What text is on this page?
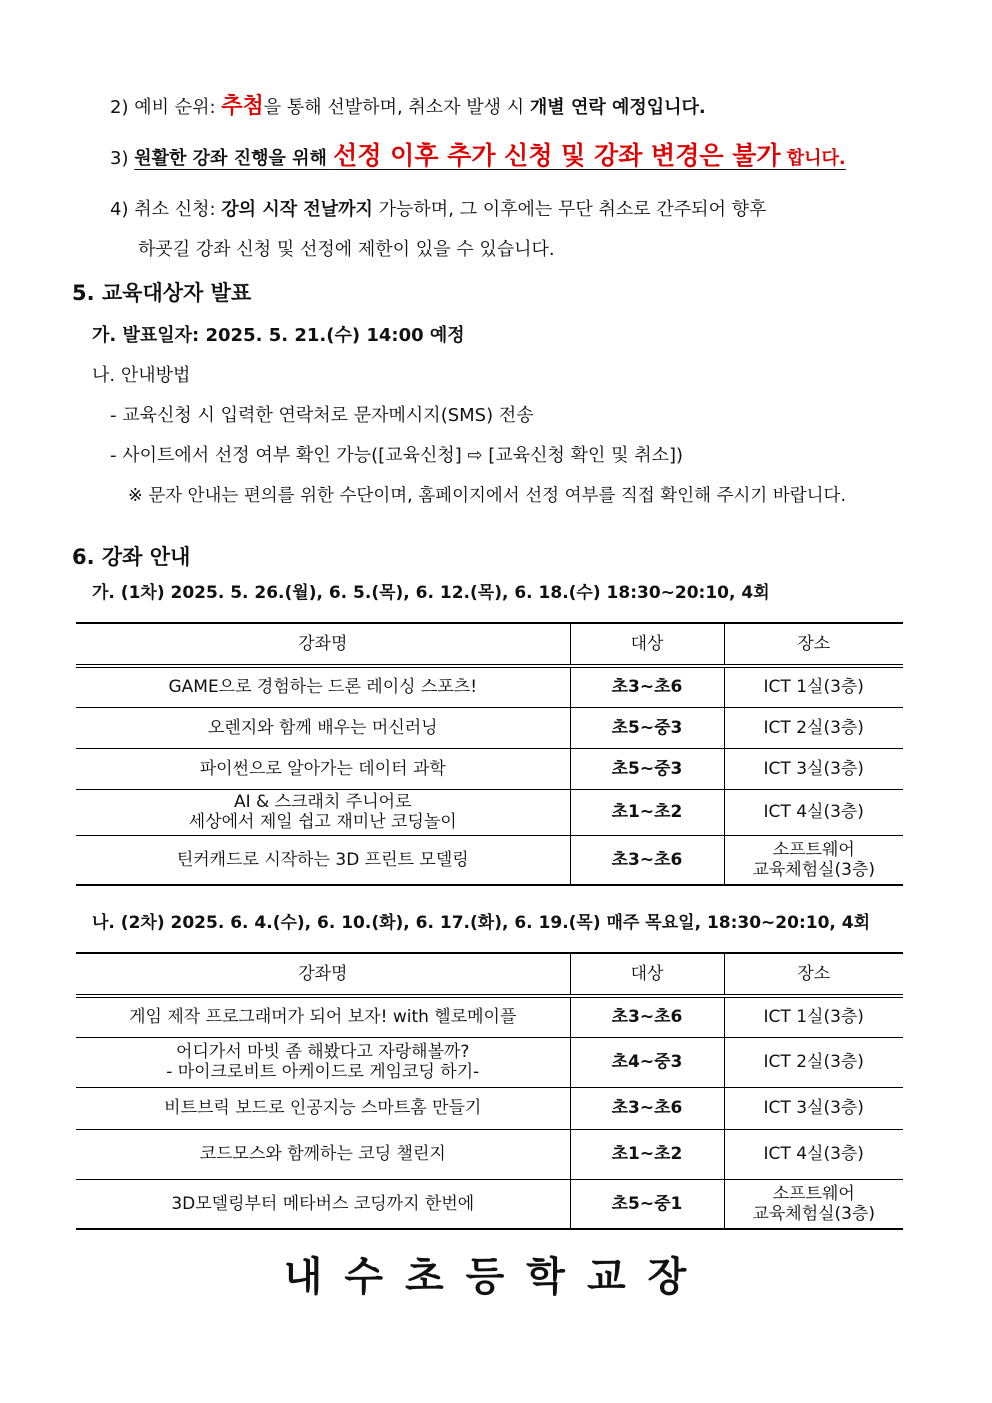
2) 예비 순위: 추첨을 통해 선발하며, 취소자 발생 시 개별 연락 예정입니다.
3) 원활한 강좌 진행을 위해 선정 이후 추가 신청 및 강좌 변경은 불가 합니다.
4) 취소 신청: 강의 시작 전날까지 가능하며, 그 이후에는 무단 취소로 간주되어 향후
하굣길 강좌 신청 및 선정에 제한이 있을 수 있습니다.
5. 교육대상자 발표
가. 발표일자: 2025. 5. 21.(수) 14:00 예정
나. 안내방법
- 교육신청 시 입력한 연락처로 문자메시지(SMS) 전송
- 사이트에서 선정 여부 확인 가능([교육신청] ⇨ [교육신청 확인 및 취소])
※ 문자 안내는 편의를 위한 수단이며, 홈페이지에서 선정 여부를 직접 확인해 주시기 바랍니다.
6. 강좌 안내
가. (1차) 2025. 5. 26.(월), 6. 5.(목), 6. 12.(목), 6. 18.(수) 18:30~20:10, 4회
강좌명	대상	장소

GAME으로 경험하는 드론 레이싱 스포츠!	초3~초6	ICT 1실(3층)

오렌지와 함께 배우는 머신러닝	초5~중3	ICT 2실(3층)

파이썬으로 알아가는 데이터 과학	초5~중3	ICT 3실(3층)

AI & 스크래치 주니어로
세상에서 제일 쉽고 재미난 코딩놀이	초1~초2	ICT 4실(3층)

틴커캐드로 시작하는 3D 프린트 모델링	초3~초6	소프트웨어
교육체험실(3층)
나. (2차) 2025. 6. 4.(수), 6. 10.(화), 6. 17.(화), 6. 19.(목) 매주 목요일, 18:30~20:10, 4회
강좌명	대상	장소

게임 제작 프로그래머가 되어 보자! with 헬로메이플	초3~초6	ICT 1실(3층)

어디가서 마빗 좀 해봤다고 자랑해볼까?
- 마이크로비트 아케이드로 게임코딩 하기-	초4~중3	ICT 2실(3층)

비트브릭 보드로 인공지능 스마트홈 만들기	초3~초6	ICT 3실(3층)

코드모스와 함께하는 코딩 챌린지	초1~초2	ICT 4실(3층)

3D모델링부터 메타버스 코딩까지 한번에	초5~중1	소프트웨어
교육체험실(3층)
내수초등학교장
